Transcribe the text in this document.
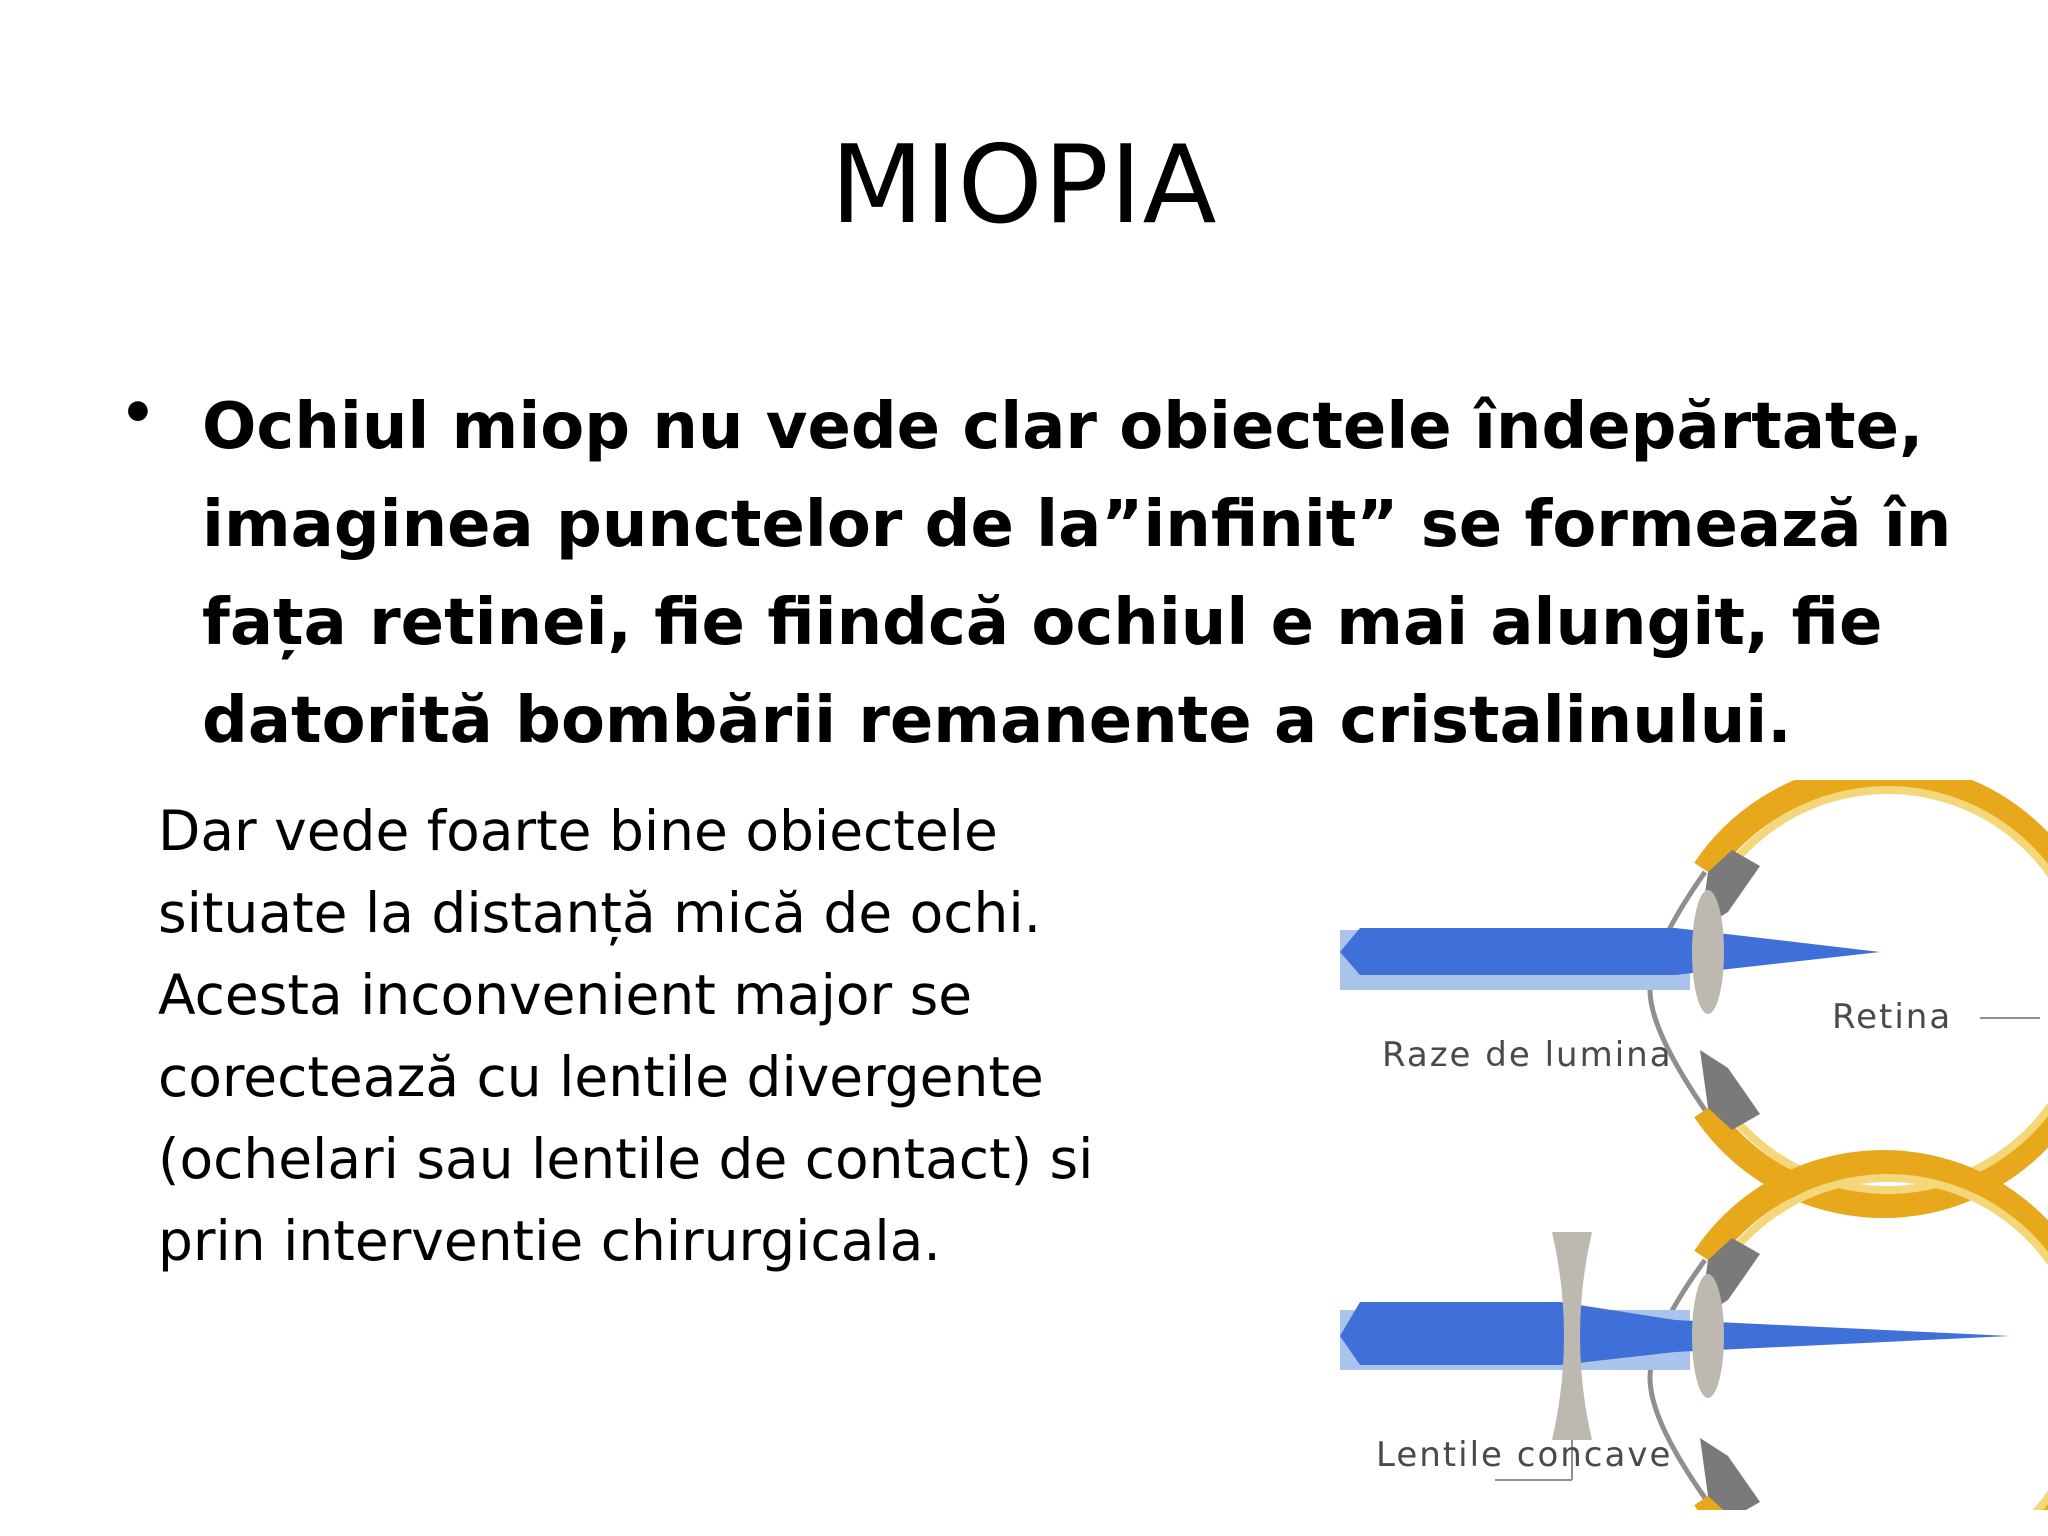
MIOPIA
• Ochiul miop nu vede clar obiectele îndepărtate,
imaginea punctelor de la”infinit” se formează în
fața retinei, fie fiindcă ochiul e mai alungit, fie
datorită bombării remanente a cristalinului.
Dar vede foarte bine obiectele
situate la distanță mică de ochi.
Acesta inconvenient major se
corectează cu lentile divergente
(ochelari sau lentile de contact) si
prin interventie chirurgicala.
Retina
Raze de lumina
Lentile concave
